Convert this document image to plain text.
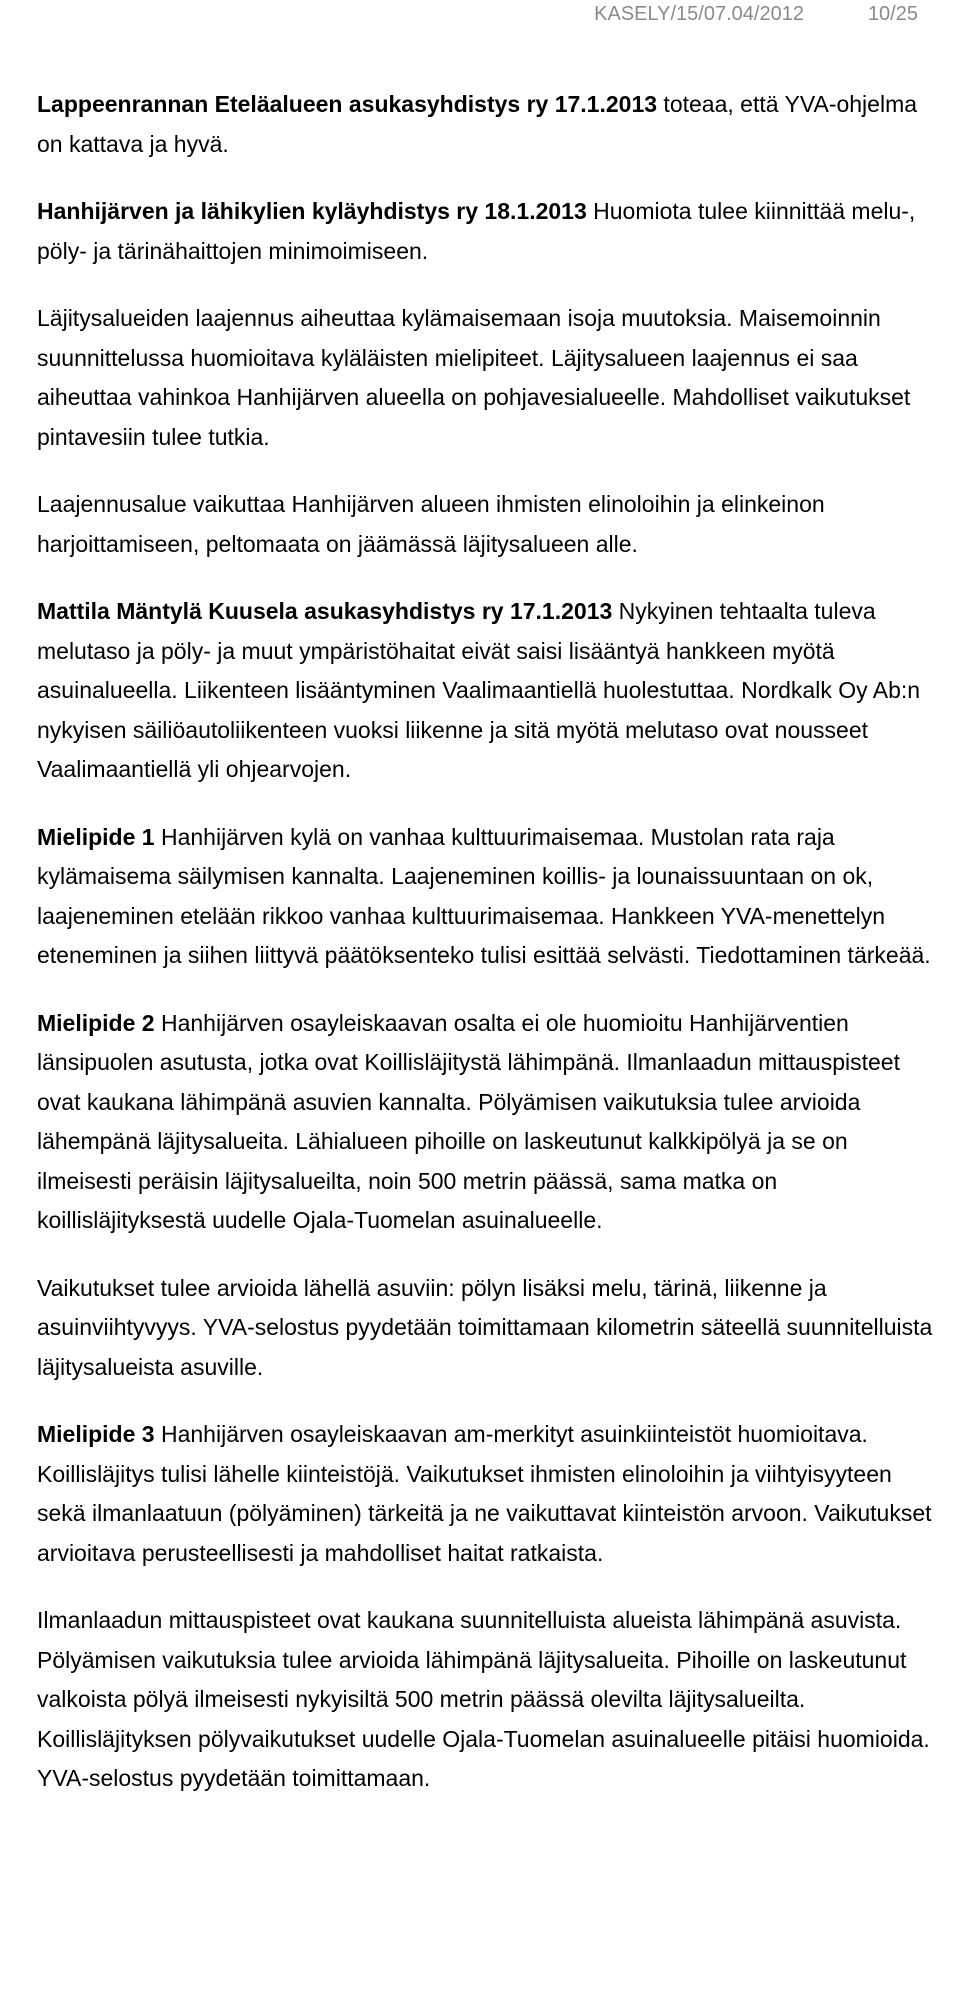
KASELY/15/07.04/2012	10/25

Lappeenrannan Eteläalueen asukasyhdistys ry 17.1.2013 toteaa, että YVA-ohjelma on kattava ja hyvä.

Hanhijärven ja lähikylien kyläyhdistys ry 18.1.2013 Huomiota tulee kiinnittää melu-, pöly- ja tärinähaittojen minimoimiseen.

Läjitysalueiden laajennus aiheuttaa kylämaisemaan isoja muutoksia. Maisemoinnin suunnittelussa huomioitava kyläläisten mielipiteet. Läjitysalueen laajennus ei saa aiheuttaa vahinkoa Hanhijärven alueella on pohjavesialueelle. Mahdolliset vaikutukset pintavesiin tulee tutkia.

Laajennusalue vaikuttaa Hanhijärven alueen ihmisten elinoloihin ja elinkeinon harjoittamiseen, peltomaata on jäämässä läjitysalueen alle.

Mattila Mäntylä Kuusela asukasyhdistys ry 17.1.2013 Nykyinen tehtaalta tuleva melutaso ja pöly- ja muut ympäristöhaitat eivät saisi lisääntyä hankkeen myötä asuinalueella. Liikenteen lisääntyminen Vaalimaantiellä huolestuttaa. Nordkalk Oy Ab:n nykyisen säiliöautoliikenteen vuoksi liikenne ja sitä myötä melutaso ovat nousseet Vaalimaantiellä yli ohjearvojen.

Mielipide 1 Hanhijärven kylä on vanhaa kulttuurimaisemaa. Mustolan rata raja kylämaisema säilymisen kannalta. Laajeneminen koillis- ja lounaissuuntaan on ok, laajeneminen etelään rikkoo vanhaa kulttuurimaisemaa. Hankkeen YVA-menettelyn eteneminen ja siihen liittyvä päätöksenteko tulisi esittää selvästi. Tiedottaminen tärkeää.

Mielipide 2 Hanhijärven osayleiskaavan osalta ei ole huomioitu Hanhijärventien länsipuolen asutusta, jotka ovat Koillisläjitystä lähimpänä. Ilmanlaadun mittauspisteet ovat kaukana lähimpänä asuvien kannalta. Pölyämisen vaikutuksia tulee arvioida lähempänä läjitysalueita. Lähialueen pihoille on laskeutunut kalkkipölyä ja se on ilmeisesti peräisin läjitysalueilta, noin 500 metrin päässä, sama matka on koillisläjityksestä uudelle Ojala-Tuomelan asuinalueelle.

Vaikutukset tulee arvioida lähellä asuviin: pölyn lisäksi melu, tärinä, liikenne ja asuinviihtyvyys. YVA-selostus pyydetään toimittamaan kilometrin säteellä suunnitelluista läjitysalueista asuville.

Mielipide 3 Hanhijärven osayleiskaavan am-merkityt asuinkiinteistöt huomioitava. Koillisläjitys tulisi lähelle kiinteistöjä. Vaikutukset ihmisten elinoloihin ja viihtyisyyteen sekä ilmanlaatuun (pölyäminen) tärkeitä ja ne vaikuttavat kiinteistön arvoon. Vaikutukset arvioitava perusteellisesti ja mahdolliset haitat ratkaista.

Ilmanlaadun mittauspisteet ovat kaukana suunnitelluista alueista lähimpänä asuvista. Pölyämisen vaikutuksia tulee arvioida lähimpänä läjitysalueita. Pihoille on laskeutunut valkoista pölyä ilmeisesti nykyisiltä 500 metrin päässä olevilta läjitysalueilta. Koillisläjityksen pölyvaikutukset uudelle Ojala-Tuomelan asuinalueelle pitäisi huomioida. YVA-selostus pyydetään toimittamaan.
